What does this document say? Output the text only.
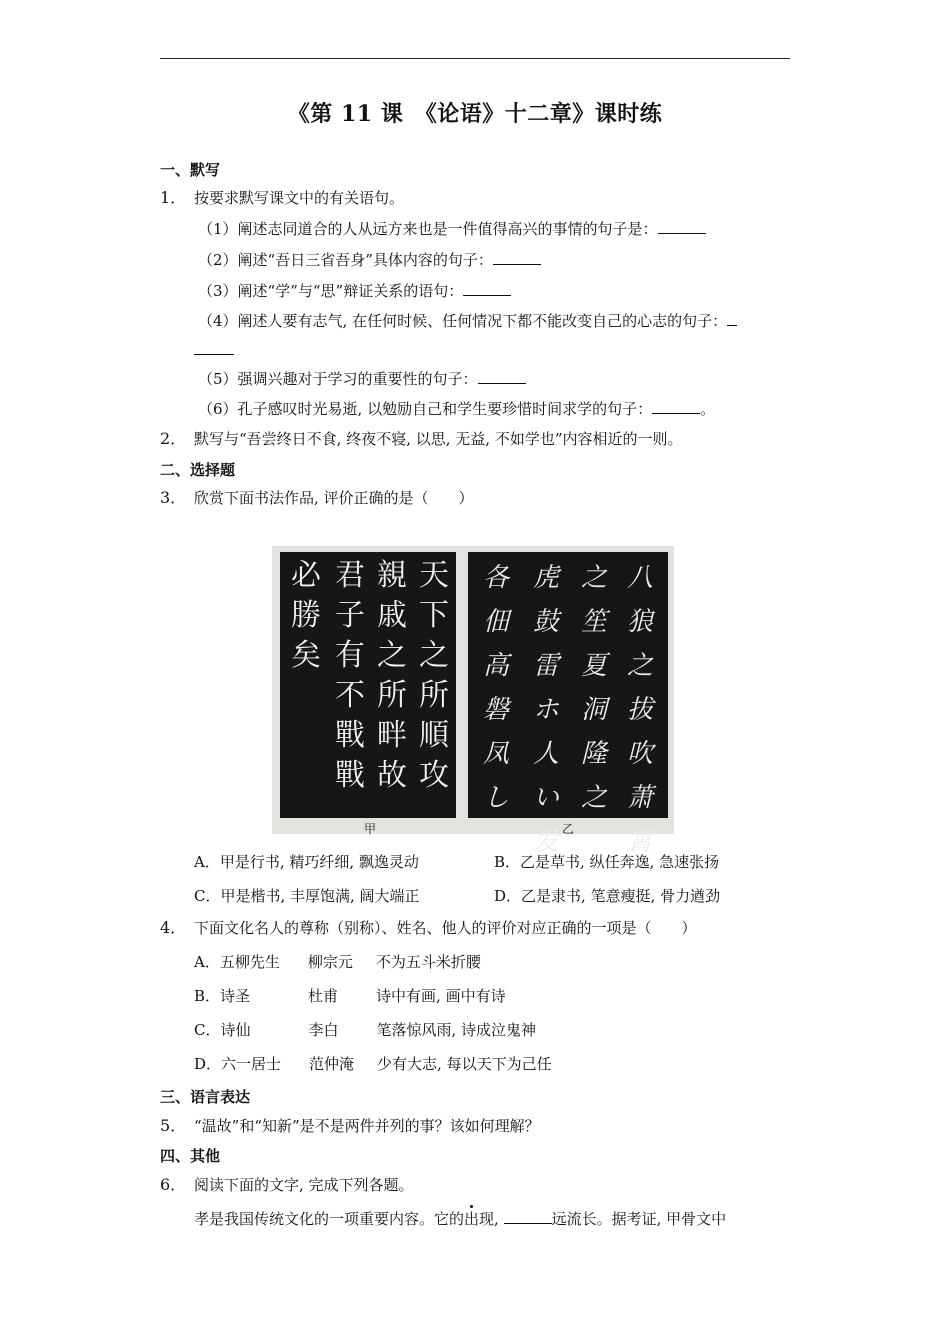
《第 11 课　《论语》十二章》课时练
一、默写
1． 按要求默写课文中的有关语句。
（1）阐述志同道合的人从远方来也是一件值得高兴的事情的句子是：
（2）阐述“吾日三省吾身”具体内容的句子：
（3）阐述“学”与“思”辩证关系的语句：
（4）阐述人要有志气, 在任何时候、任何情况下都不能改变自己的心志的句子：
（5）强调兴趣对于学习的重要性的句子：
（6）孔子感叹时光易逝, 以勉励自己和学生要珍惜时间求学的句子：	。
2． 默写与“吾尝终日不食, 终夜不寝, 以思, 无益, 不如学也”内容相近的一则。
二、选择题
3． 欣赏下面书法作品, 评价正确的是（　　）
天
下
之
所
順
攻
親
戚
之
所
畔
故
君
子
有
不
戰
戰
必
勝
矣
八
狼
之
拔
吹
萧
霄
之
笙
夏
洞
隆
之
虎
鼓
雷
ホ
人
い
发
各
佃
高
磐
凤
し
甲	乙
A．甲是行书, 精巧纤细, 飘逸灵动	B．乙是草书, 纵任奔逸, 急速张扬
C．甲是楷书, 丰厚饱满, 阔大端正	D．乙是隶书, 笔意瘦挺, 骨力遒劲
4． 下面文化名人的尊称（别称）、姓名、他人的评价对应正确的一项是（　　）
A．五柳先生 柳宗元 不为五斗米折腰
B．诗圣	杜甫	诗中有画, 画中有诗
C．诗仙	李白	笔落惊风雨, 诗成泣鬼神
D．六一居士 范仲淹 少有大志, 每以天下为己任
三、语言表达
5． “温故”和“知新”是不是两件并列的事？该如何理解？
四、其他
6． 阅读下面的文字, 完成下列各题。
孝是我国传统文化的一项重要内容。它的出现,	远流长。据考证, 甲骨文中
